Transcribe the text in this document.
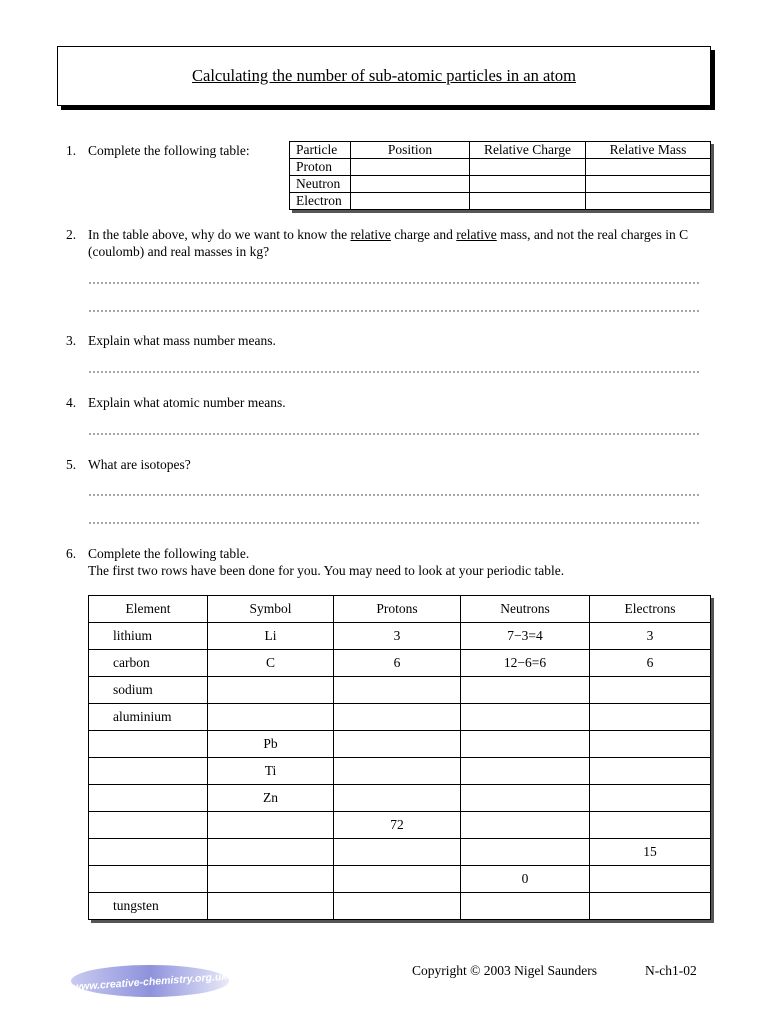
Calculating the number of sub-atomic particles in an atom
1. Complete the following table:	Particle	Position	Relative Charge	Relative Mass
Proton			
Neutron			
Electron			
2. In the table above, why do we want to know the relative charge and relative mass, and not the real charges in C (coulomb) and real masses in kg?
3. Explain what mass number means.
4. Explain what atomic number means.
5. What are isotopes?
6. Complete the following table.
The first two rows have been done for you. You may need to look at your periodic table.
Element	Symbol	Protons	Neutrons	Electrons
lithium	Li	3	7−3=4	3
carbon	C	6	12−6=6	6
sodium				
aluminium				
	Pb			
	Ti			
	Zn			
		72		
				15
			0	
tungsten				
www.creative-chemistry.org.uk
Copyright © 2003 Nigel Saunders	N-ch1-02
